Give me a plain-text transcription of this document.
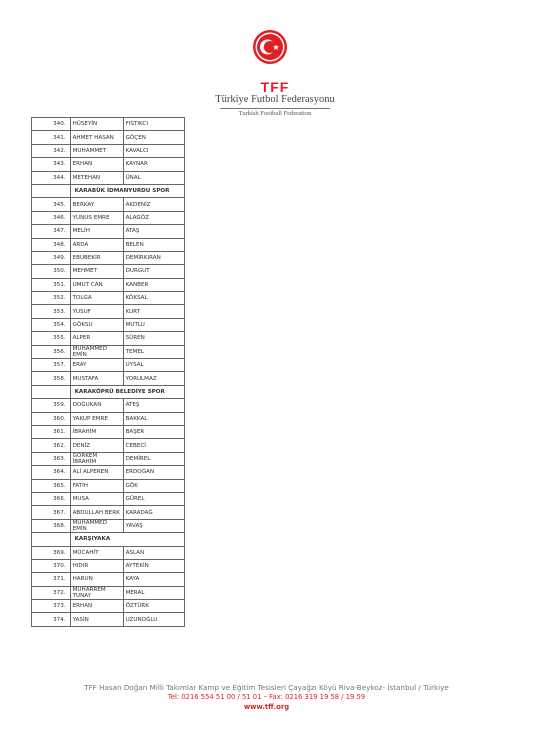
TFF
Türkiye Futbol Federasyonu
Turkish Football Federation
340.	HÜSEYİN	FISTIKCI
341.	AHMET HASAN	GÖÇEN
342.	MUHAMMET	KAVALCI
343.	ERHAN	KAYNAR
344.	METEHAN	ÜNAL
	KARABÜK İDMANYURDU SPOR	
345.	BERKAY	AKDENİZ
346.	YUNUS EMRE	ALAGÖZ
347.	MELİH	ATAŞ
348.	ARDA	BELEN
349.	EBUBEKİR	DEMİRKIRAN
350.	MEHMET	DURGUT
351.	UMUT CAN	KANBER
352.	TOLGA	KÖKSAL
353.	YUSUF	KURT
354.	GÖKSU	MUTLU
355.	ALPER	SÜREN
356.	MUHAMMED EMİN	TEMEL
357.	ERAY	UYSAL
358.	MUSTAFA	YORULMAZ
	KARAKÖPRÜ BELEDİYE SPOR	
359.	DOĞUKAN	ATEŞ
360.	YAKUP EMRE	BAKKAL
361.	İBRAHİM	BAŞER
362.	DENİZ	CEBECİ
363.	GÖRKEM İBRAHİM	DEMİREL
364.	ALİ ALPEREN	ERDOĞAN
365.	FATİH	GÖK
366.	MUSA	GÜREL
367.	ABDULLAH BERK	KARADAĞ
368.	MUHAMMED EMİN	YAVAŞ
	KARŞIYAKA	
369.	MÜCAHİT	ASLAN
370.	HIDIR	AYTEKİN
371.	HARUN	KAYA
372.	MUHARREM TUNAY	MERAL
373.	ERHAN	ÖZTÜRK
374.	YASİN	UZUNOĞLU
TFF Hasan Doğan Milli Takımlar Kamp ve Eğitim Tesisleri Çayağzı Köyü Riva-Beykoz- İstanbul / Türkiye
Tel: 0216 554 51 00 / 51 01 – Fax: 0216 319 19 58 / 19 59
www.tff.org
